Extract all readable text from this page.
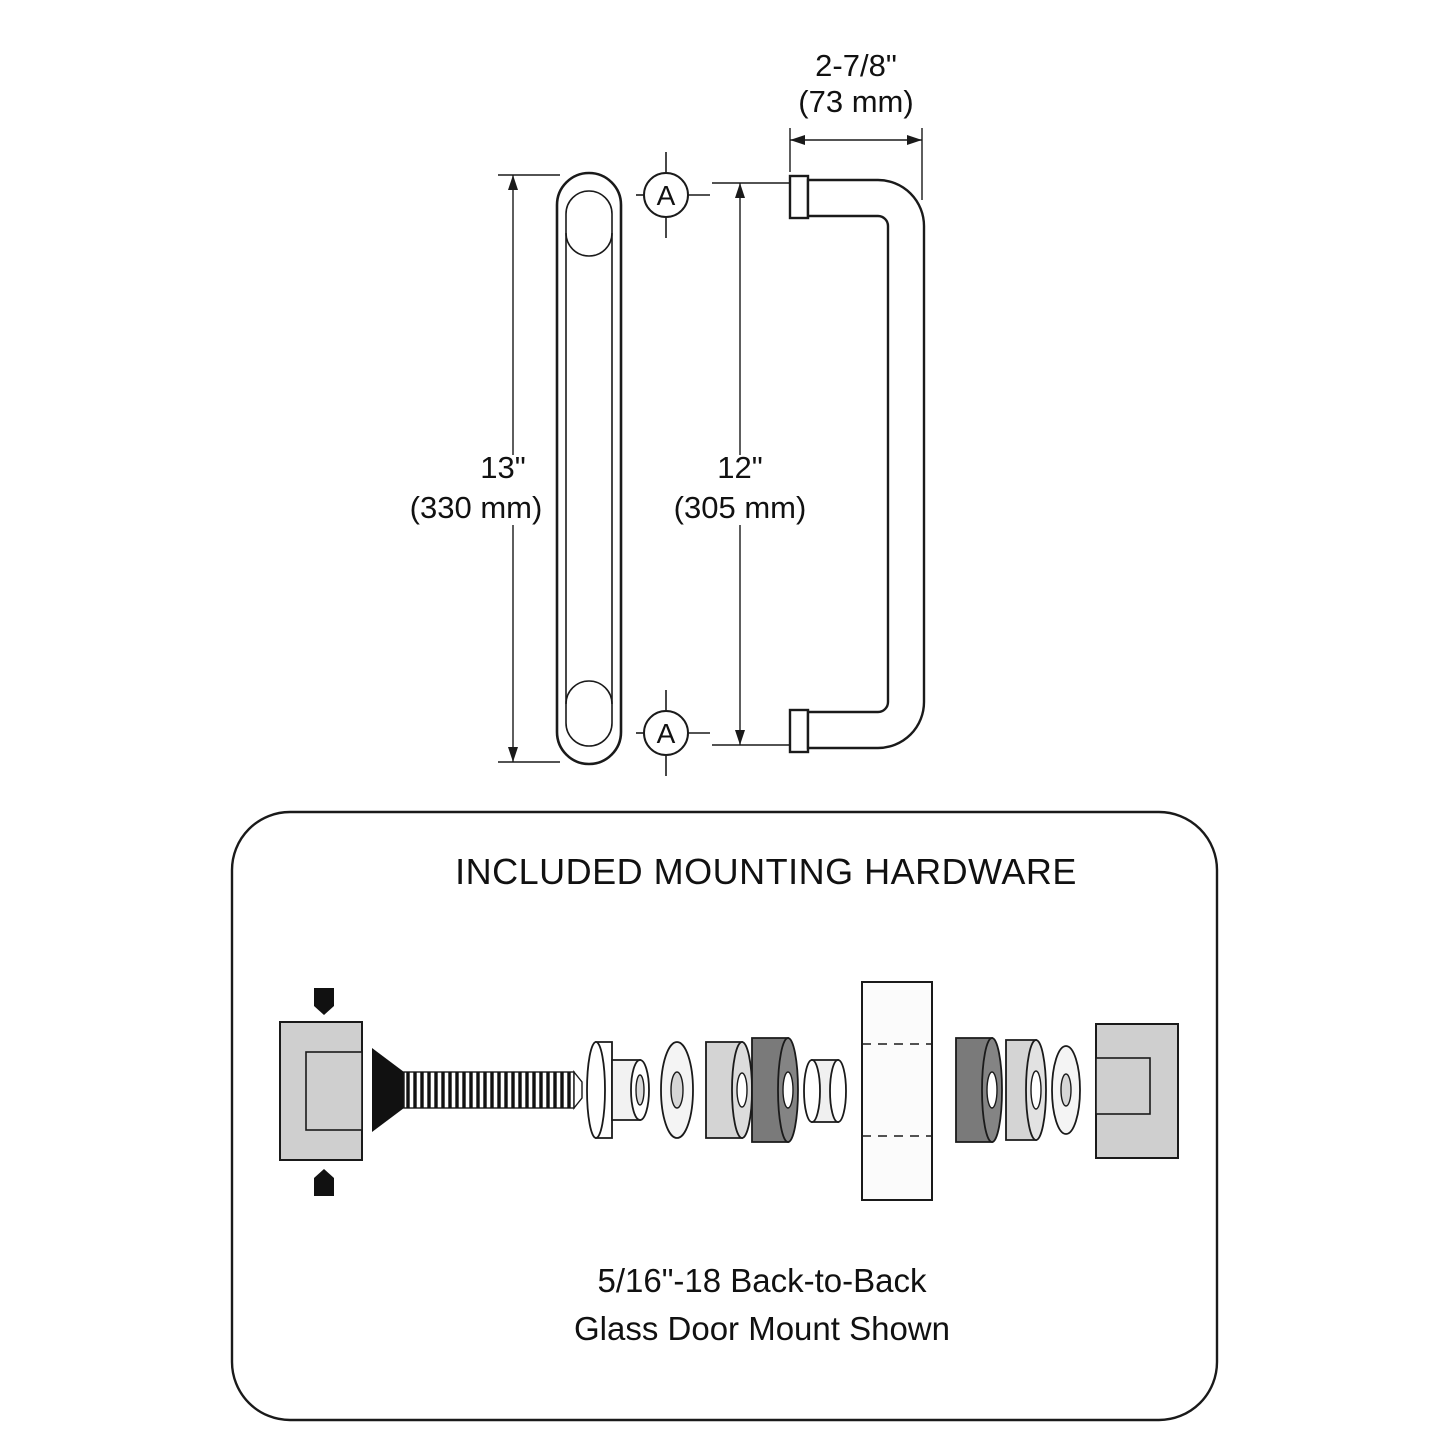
13"
(330 mm)
A
A
12"
(305 mm)
2-7/8"
(73 mm)
INCLUDED MOUNTING HARDWARE
5/16"-18 Back-to-Back
Glass Door Mount Shown
